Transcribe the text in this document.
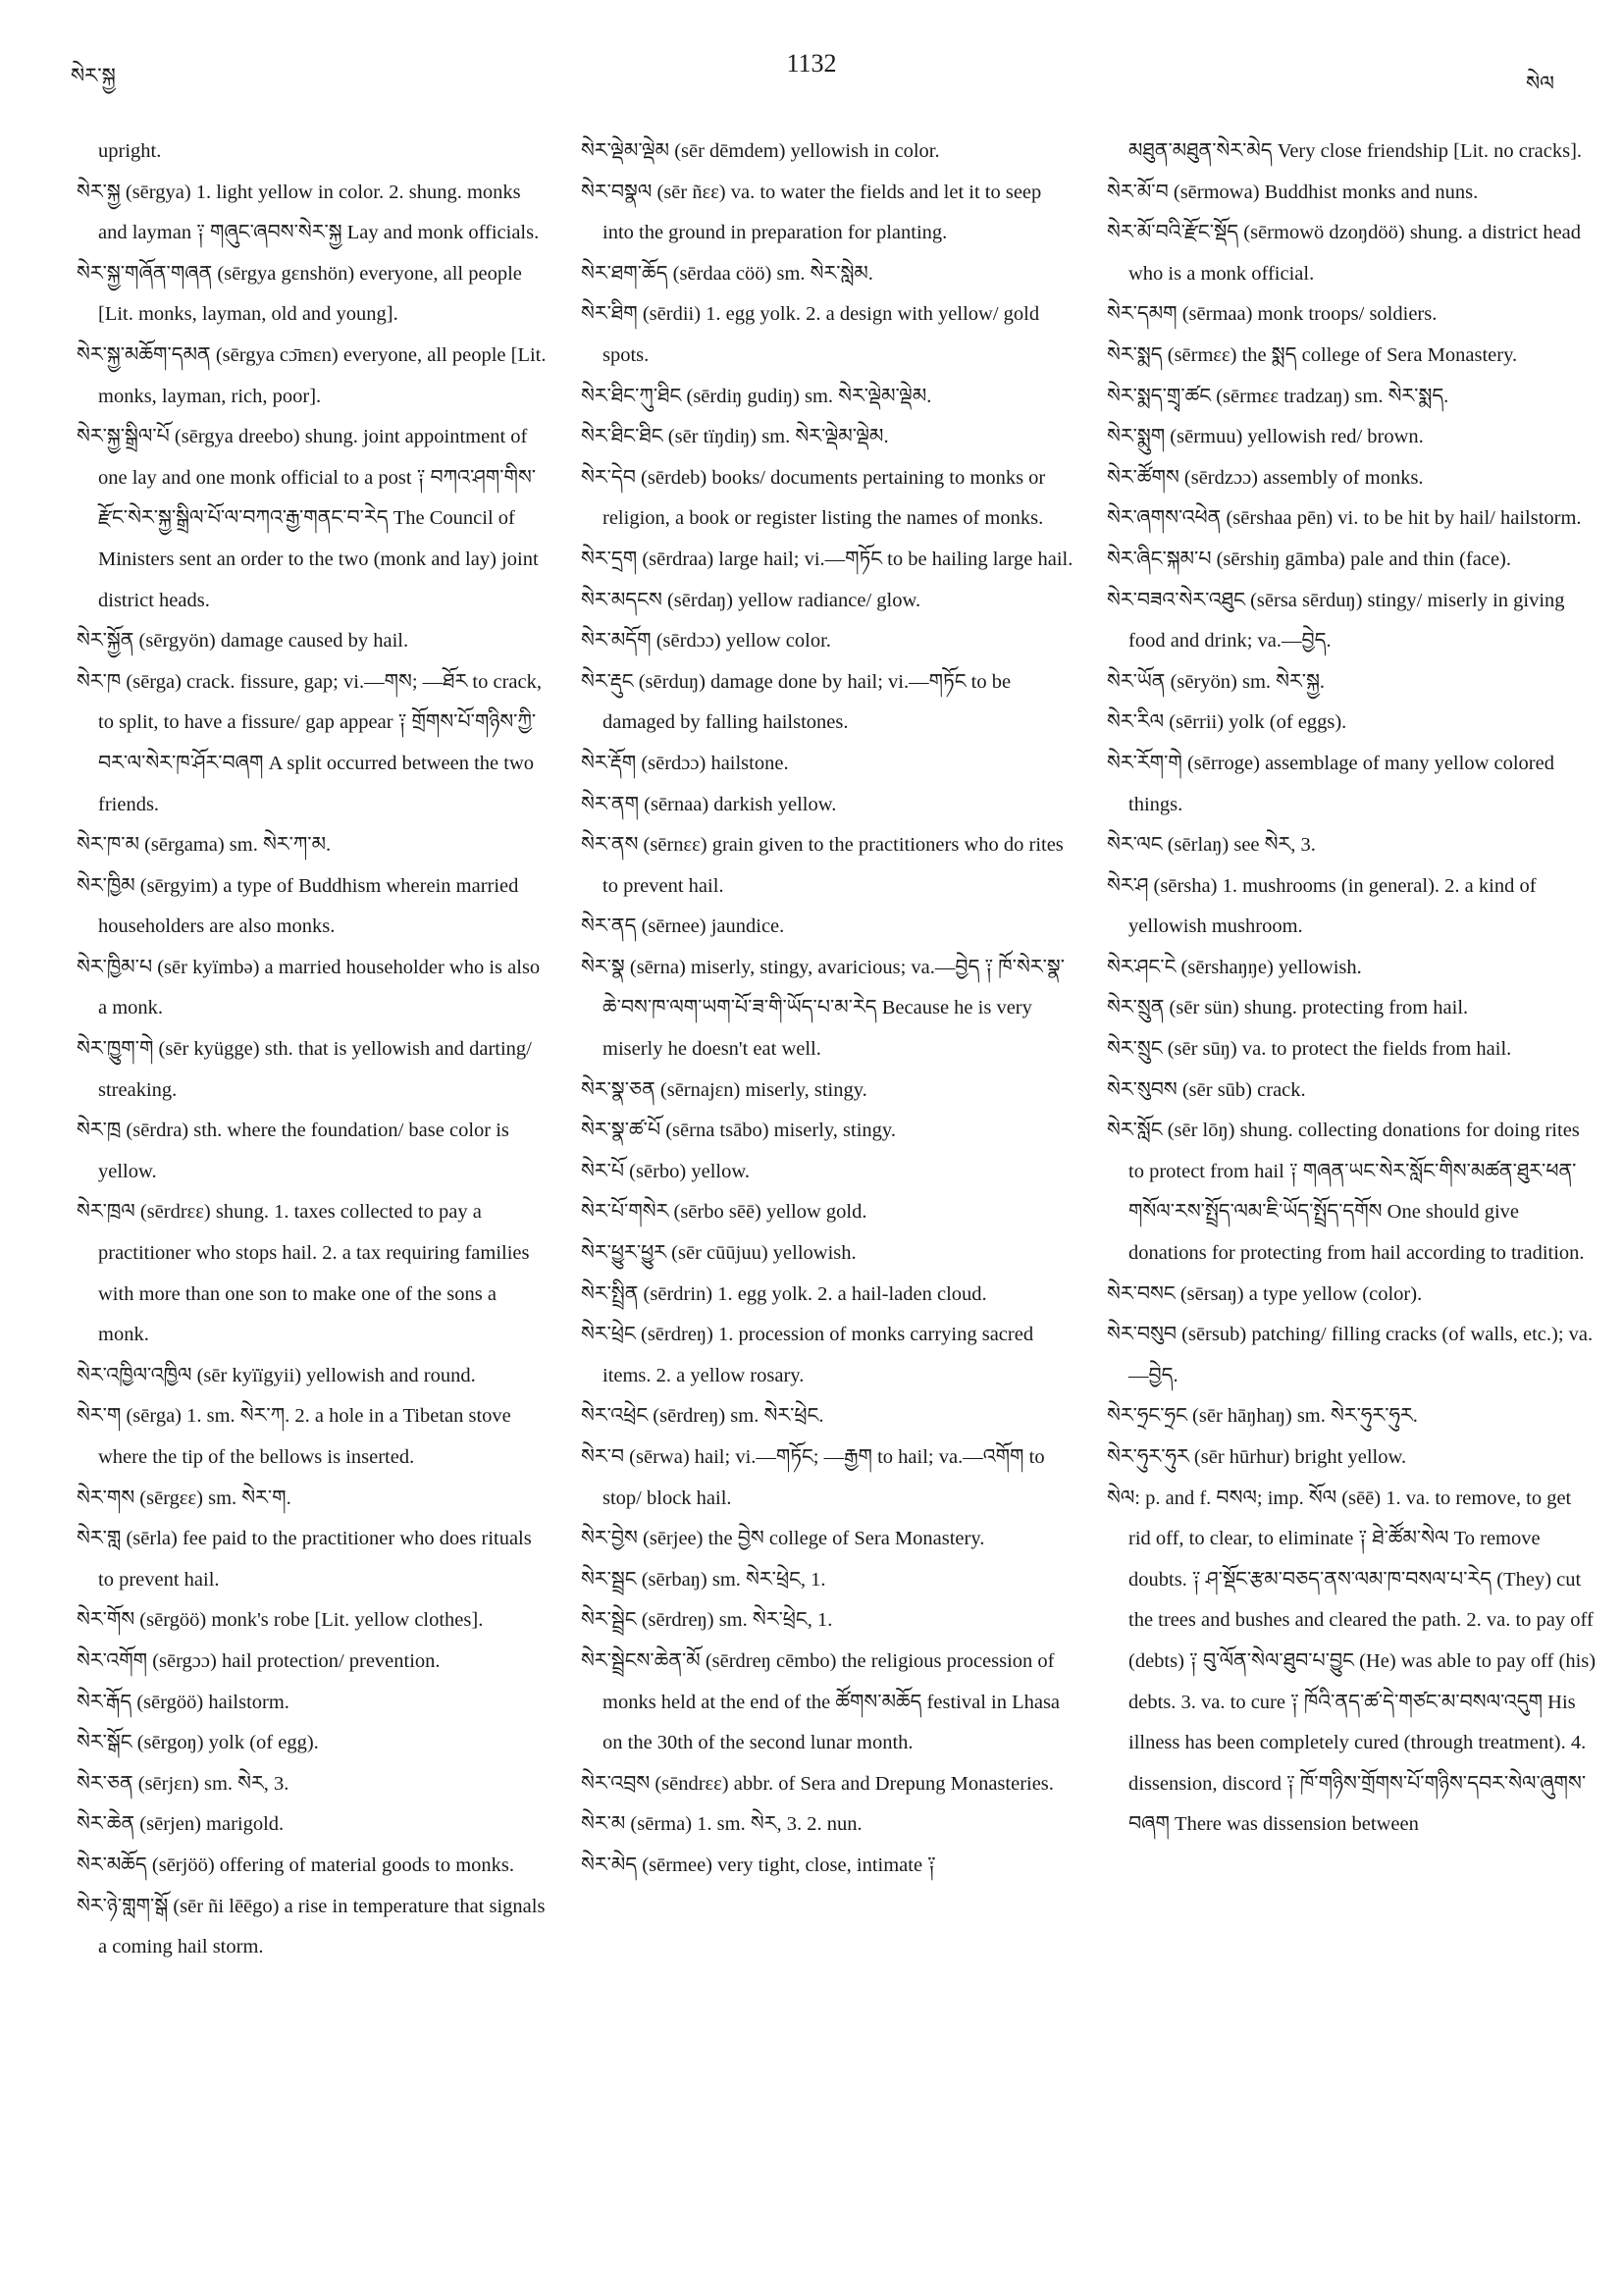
སེར་སྐྱ	1132
སེལ

upright.

སེར་སྐྱ (sērgya) 1. light yellow in color. 2. shung. monks and layman ༑ གཞུང་ཞབས་སེར་སྐྱ Lay and monk officials.

སེར་སྐྱ་གཞོན་གཞན (sērgya gɛnshön) everyone, all people [Lit. monks, layman, old and young].

སེར་སྐྱ་མཆོག་དམན (sērgya cɔ̄mɛn) everyone, all people [Lit. monks, layman, rich, poor].

སེར་སྐྱ་སྒྲིལ་པོ (sērgya dreebo) shung. joint appointment of one lay and one monk official to a post ༑ བཀའ་ཤག་གིས་རྫོང་སེར་སྐྱ་སྒྲིལ་པོ་ལ་བཀའ་རྒྱ་གནང་བ་རེད The Council of Ministers sent an order to the two (monk and lay) joint district heads.

སེར་སྐྱོན (sērgyön) damage caused by hail.

སེར་ཁ (sērga) crack. fissure, gap; vi.—གས; —ཐོར to crack, to split, to have a fissure/ gap appear ༑ གྲོགས་པོ་གཉིས་ཀྱི་བར་ལ་སེར་ཁ་ཤོར་བཞག A split occurred between the two friends.

སེར་ཁ་མ (sērgama) sm. སེར་ཀ་མ.

སེར་ཁྱིམ (sērgyim) a type of Buddhism wherein married householders are also monks.

སེར་ཁྱིམ་པ (sēr kyïmbə) a married householder who is also a monk.

སེར་ཁྱུག་གེ (sēr kyügge) sth. that is yellowish and darting/ streaking.

སེར་ཁྲ (sērdra) sth. where the foundation/ base color is yellow.

སེར་ཁྲལ (sērdrɛɛ) shung. 1. taxes collected to pay a practitioner who stops hail. 2. a tax requiring families with more than one son to make one of the sons a monk.

སེར་འཁྱིལ་འཁྱིལ (sēr kyïïgyii) yellowish and round.

སེར་ག (sērga) 1. sm. སེར་ཀ. 2. a hole in a Tibetan stove where the tip of the bellows is inserted.

སེར་གས (sērgɛɛ) sm. སེར་ག.

སེར་གླ (sērla) fee paid to the practitioner who does rituals to prevent hail.

སེར་གོས (sērgöö) monk's robe [Lit. yellow clothes].

སེར་འགོག (sērgɔɔ) hail protection/ prevention.

སེར་རྒོད (sērgöö) hailstorm.

སེར་སྒོང (sērgoŋ) yolk (of egg).

སེར་ཅན (sērjɛn) sm. སེར, 3.

སེར་ཆེན (sērjen) marigold.

སེར་མཆོད (sērjöö) offering of material goods to monks.

སེར་ཉེ་གླག་སྒོ (sēr ñi lēēgo) a rise in temperature that signals a coming hail storm.

སེར་ལྡེམ་ལྡེམ (sēr dēmdem) yellowish in color.

སེར་བསྣལ (sēr ñɛɛ) va. to water the fields and let it to seep into the ground in preparation for planting.

སེར་ཐག་ཆོད (sērdaa cöö) sm. སེར་སླེམ.

སེར་ཐིག (sērdii) 1. egg yolk. 2. a design with yellow/ gold spots.

སེར་ཐིང་ཀུ་ཐིང (sērdiŋ gudiŋ) sm. སེར་ལྡེམ་ལྡེམ.

སེར་ཐིང་ཐིང (sēr tïŋdiŋ) sm. སེར་ལྡེམ་ལྡེམ.

སེར་དེབ (sērdeb) books/ documents pertaining to monks or religion, a book or register listing the names of monks.

སེར་དྲག (sērdraa) large hail; vi.—གཏོང to be hailing large hail.

སེར་མདངས (sērdaŋ) yellow radiance/ glow.

སེར་མདོག (sērdɔɔ) yellow color.

སེར་རྡུང (sērduŋ) damage done by hail; vi.—གཏོང to be damaged by falling hailstones.

སེར་རྡོག (sērdɔɔ) hailstone.

སེར་ནག (sērnaa) darkish yellow.

སེར་ནས (sērnɛɛ) grain given to the practitioners who do rites to prevent hail.

སེར་ནད (sērnee) jaundice.

སེར་སྣ (sērna) miserly, stingy, avaricious; va.—བྱེད ༑ ཁོ་སེར་སྣ་ཆེ་བས་ཁ་ལག་ཡག་པོ་ཟ་གི་ཡོད་པ་མ་རེད Because he is very miserly he doesn't eat well.

སེར་སྣ་ཅན (sērnajɛn) miserly, stingy.

སེར་སྣ་ཚ་པོ (sērna tsābo) miserly, stingy.

སེར་པོ (sērbo) yellow.

སེར་པོ་གསེར (sērbo sēē) yellow gold.

སེར་ཕྱུར་ཕྱུར (sēr cūūjuu) yellowish.

སེར་སྤྲིན (sērdrin) 1. egg yolk. 2. a hail-laden cloud.

སེར་ཕྲེང (sērdreŋ) 1. procession of monks carrying sacred items. 2. a yellow rosary.

སེར་འཕྲེང (sērdreŋ) sm. སེར་ཕྲེང.

སེར་བ (sērwa) hail; vi.—གཏོང; —རྒྱག to hail; va.—འགོག to stop/ block hail.

སེར་བྱེས (sērjee) the བྱེས college of Sera Monastery.

སེར་སྦྲང (sērbaŋ) sm. སེར་ཕྲེང, 1.

སེར་སྦྲེང (sērdreŋ) sm. སེར་ཕྲེང, 1.

སེར་སྦྲེངས་ཆེན་མོ (sērdreŋ cēmbo) the religious procession of monks held at the end of the ཚོགས་མཆོད festival in Lhasa on the 30th of the second lunar month.

སེར་འབྲས (sēndrɛɛ) abbr. of Sera and Drepung Monasteries.

སེར་མ (sērma) 1. sm. སེར, 3. 2. nun.

སེར་མེད (sērmee) very tight, close, intimate ༑

མཐུན་མཐུན་སེར་མེད Very close friendship [Lit. no cracks].

སེར་མོ་བ (sērmowa) Buddhist monks and nuns.

སེར་མོ་བའི་རྫོང་སྡོད (sērmowö dzoŋdöö) shung. a district head who is a monk official.

སེར་དམག (sērmaa) monk troops/ soldiers.

སེར་སྨད (sērmɛɛ) the སྨད college of Sera Monastery.

སེར་སྨད་གྲྭ་ཚང (sērmɛɛ tradzaŋ) sm. སེར་སྨད.

སེར་སྨུག (sērmuu) yellowish red/ brown.

སེར་ཚོགས (sērdzɔɔ) assembly of monks.

སེར་ཞགས་འཕེན (sērshaa pēn) vi. to be hit by hail/ hailstorm.

སེར་ཞིང་སྐམ་པ (sērshiŋ gāmba) pale and thin (face).

སེར་བཟའ་སེར་འཐུང (sērsa sērduŋ) stingy/ miserly in giving food and drink; va.—བྱེད.

སེར་ཡོན (sēryön) sm. སེར་སྐྱ.

སེར་རིལ (sērrii) yolk (of eggs).

སེར་རོག་གེ (sērroge) assemblage of many yellow colored things.

སེར་ལང (sērlaŋ) see སེར, 3.

སེར་ཤ (sērsha) 1. mushrooms (in general). 2. a kind of yellowish mushroom.

སེར་ཤང་ངེ (sērshaŋŋe) yellowish.

སེར་སྲུན (sēr sün) shung. protecting from hail.

སེར་སྲུང (sēr sūŋ) va. to protect the fields from hail.

སེར་སུབས (sēr sūb) crack.

སེར་སློང (sēr lōŋ) shung. collecting donations for doing rites to protect from hail ༑ གཞན་ཡང་སེར་སློང་གིས་མཚན་ཐུར་ཕན་གསོལ་རས་སྤྲོད་ལམ་ཇི་ཡོད་སྤྲོད་དགོས One should give donations for protecting from hail according to tradition.

སེར་བསང (sērsaŋ) a type yellow (color).

སེར་བསུབ (sērsub) patching/ filling cracks (of walls, etc.); va.—བྱེད.

སེར་ཧྲང་ཧྲང (sēr hāŋhaŋ) sm. སེར་ཧུར་ཧུར.

སེར་ཧུར་ཧུར (sēr hūrhur) bright yellow.

སེལ: p. and f. བསལ; imp. སོལ (sēē) 1. va. to remove, to get rid off, to clear, to eliminate ༑ ཐེ་ཚོམ་སེལ To remove doubts. ༑ ཤ་སྡོང་རྩམ་བཅད་ནས་ལམ་ཁ་བསལ་པ་རེད (They) cut the trees and bushes and cleared the path. 2. va. to pay off (debts) ༑ བུ་ལོན་སེལ་ཐུབ་པ་བྱུང (He) was able to pay off (his) debts. 3. va. to cure ༑ ཁོའི་ནད་ཚ་དེ་གཙང་མ་བསལ་འདུག His illness has been completely cured (through treatment). 4. dissension, discord ༑ ཁོ་གཉིས་གྲོགས་པོ་གཉིས་དབར་སེལ་ཞུགས་བཞག There was dissension between
